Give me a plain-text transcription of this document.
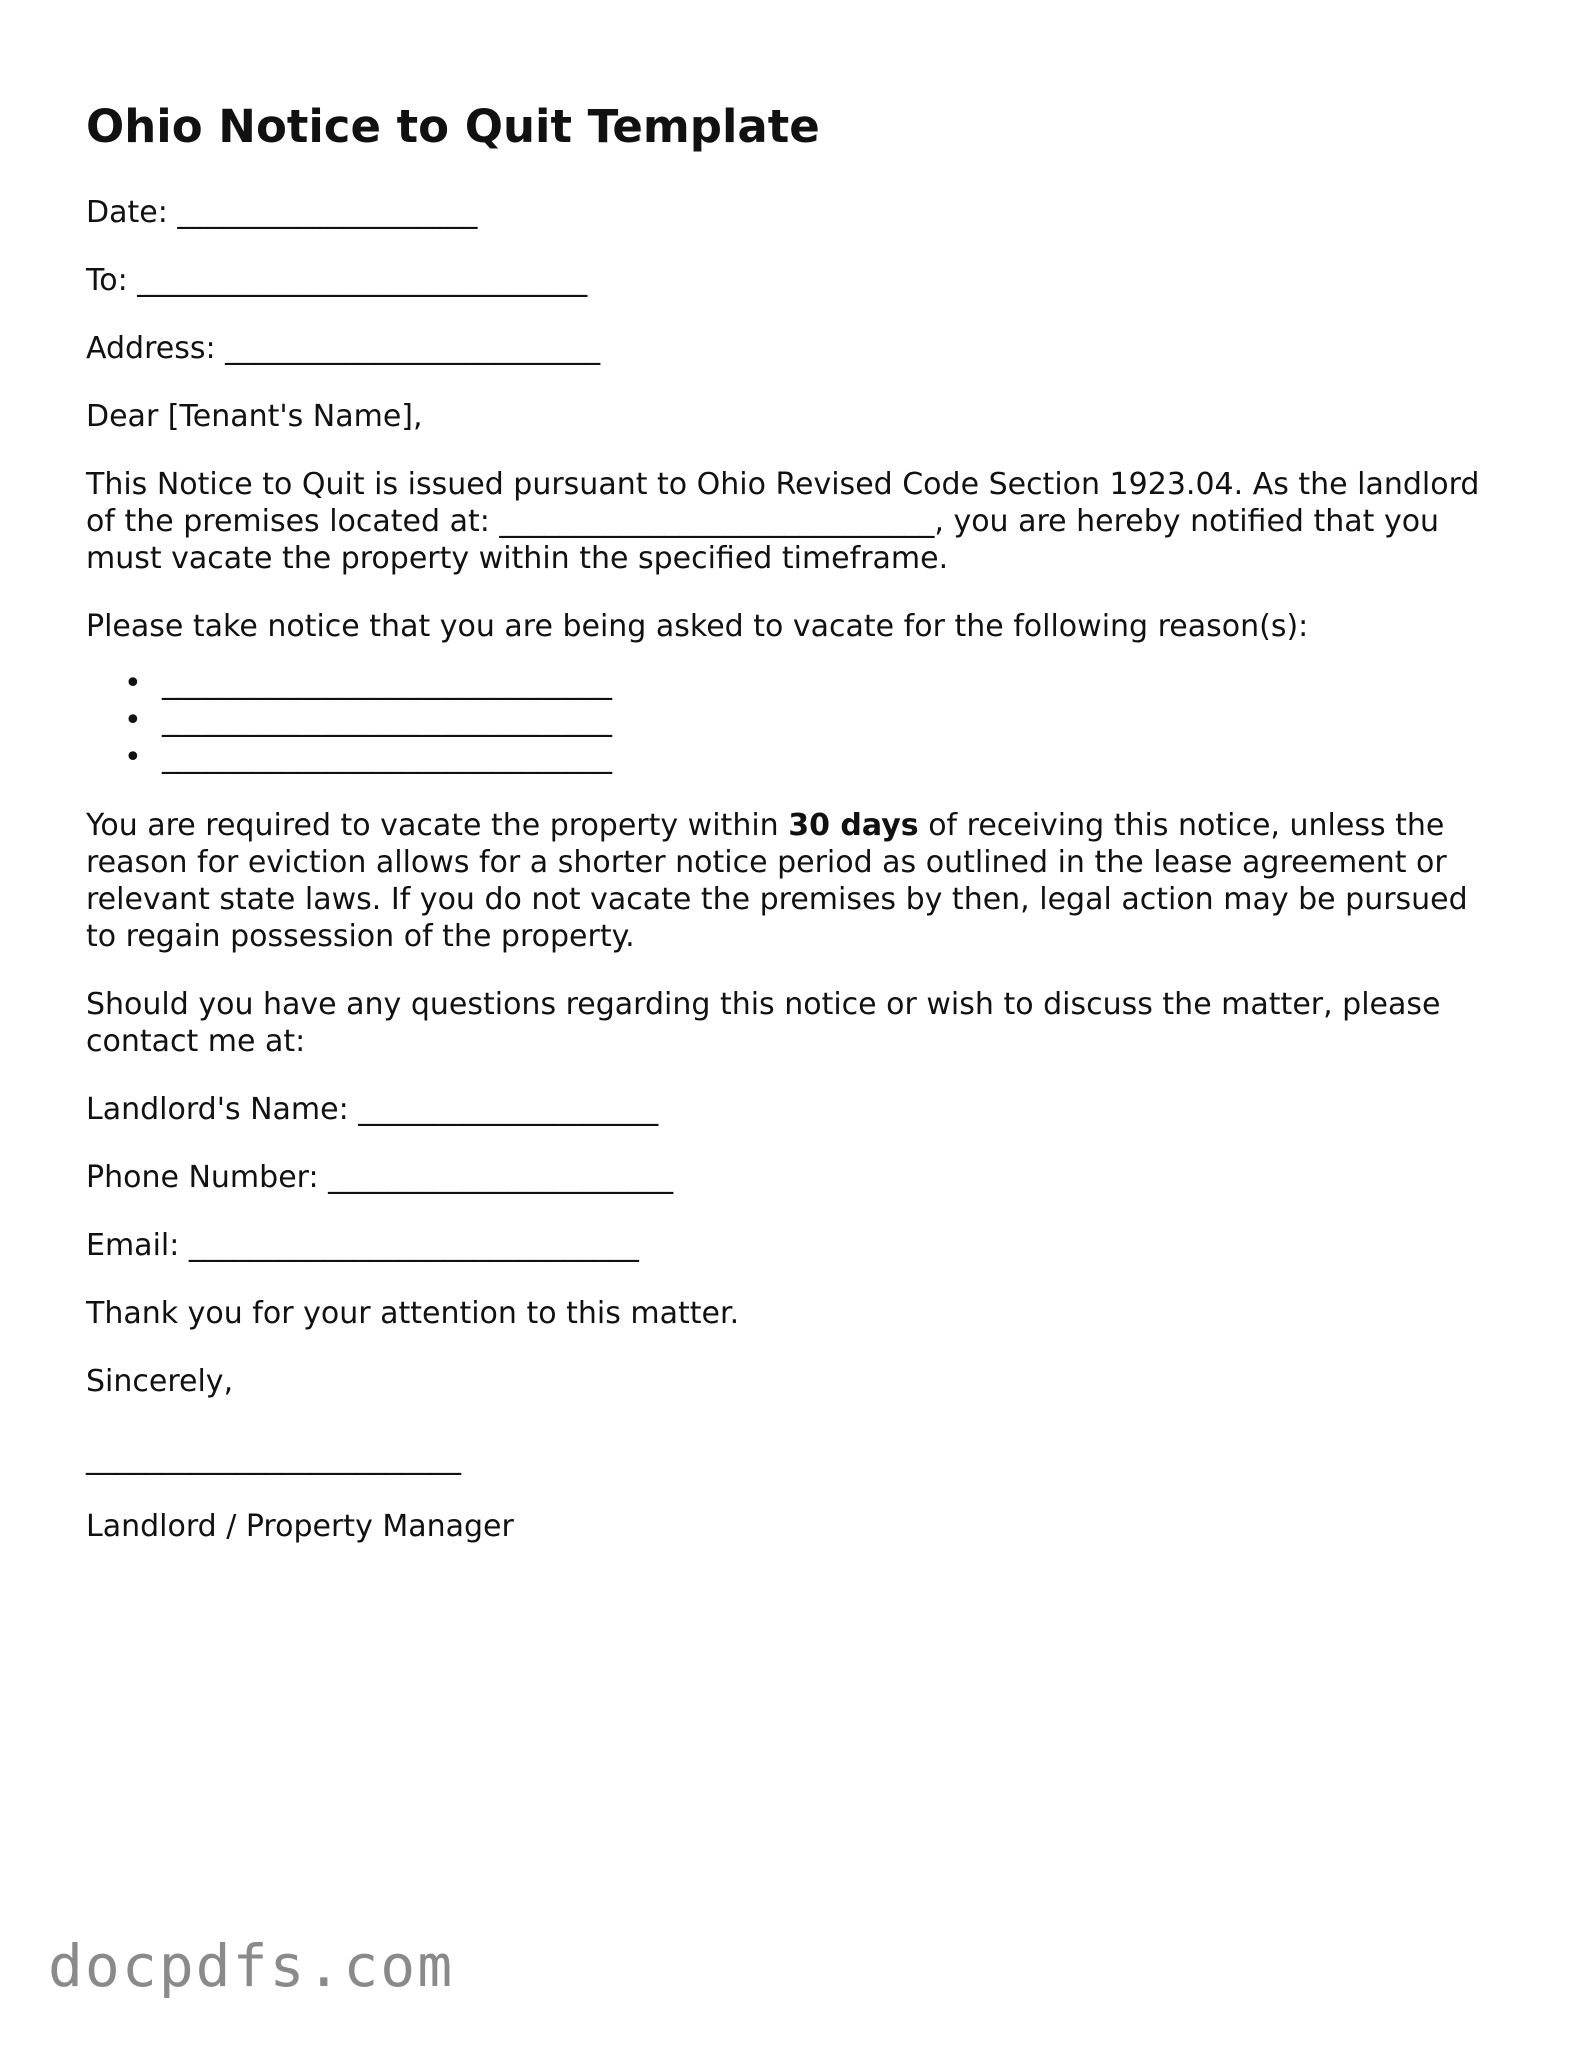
Ohio Notice to Quit Template

Date: ____________________

To: ______________________________

Address: _________________________

Dear [Tenant's Name],

This Notice to Quit is issued pursuant to Ohio Revised Code Section 1923.04. As the landlord of the premises located at: _____________________________, you are hereby notified that you must vacate the property within the specified timeframe.

Please take notice that you are being asked to vacate for the following reason(s):

• ______________________________
• ______________________________
• ______________________________

You are required to vacate the property within 30 days of receiving this notice, unless the reason for eviction allows for a shorter notice period as outlined in the lease agreement or relevant state laws. If you do not vacate the premises by then, legal action may be pursued to regain possession of the property.

Should you have any questions regarding this notice or wish to discuss the matter, please contact me at:

Landlord's Name: ____________________

Phone Number: _______________________

Email: ______________________________

Thank you for your attention to this matter.

Sincerely,

_________________________

Landlord / Property Manager

docpdfs.com
